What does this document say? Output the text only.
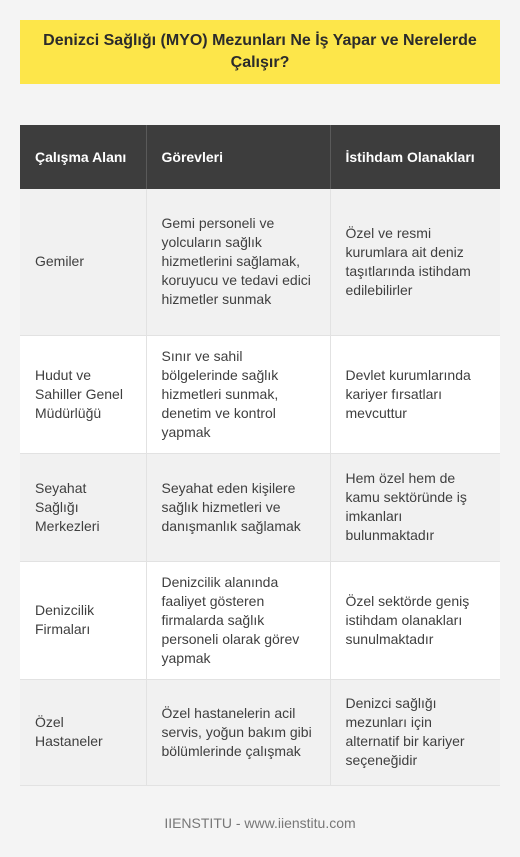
Denizci Sağlığı (MYO) Mezunları Ne İş Yapar ve Nerelerde Çalışır?
Çalışma Alanı	Görevleri	İstihdam Olanakları
Gemiler	Gemi personeli ve yolcuların sağlık hizmetlerini sağlamak, koruyucu ve tedavi edici hizmetler sunmak	Özel ve resmi kurumlara ait deniz taşıtlarında istihdam edilebilirler
Hudut ve Sahiller Genel Müdürlüğü	Sınır ve sahil bölgelerinde sağlık hizmetleri sunmak, denetim ve kontrol yapmak	Devlet kurumlarında kariyer fırsatları mevcuttur
Seyahat Sağlığı Merkezleri	Seyahat eden kişilere sağlık hizmetleri ve danışmanlık sağlamak	Hem özel hem de kamu sektöründe iş imkanları bulunmaktadır
Denizcilik Firmaları	Denizcilik alanında faaliyet gösteren firmalarda sağlık personeli olarak görev yapmak	Özel sektörde geniş istihdam olanakları sunulmaktadır
Özel Hastaneler	Özel hastanelerin acil servis, yoğun bakım gibi bölümlerinde çalışmak	Denizci sağlığı mezunları için alternatif bir kariyer seçeneğidir
IIENSTITU - www.iienstitu.com
